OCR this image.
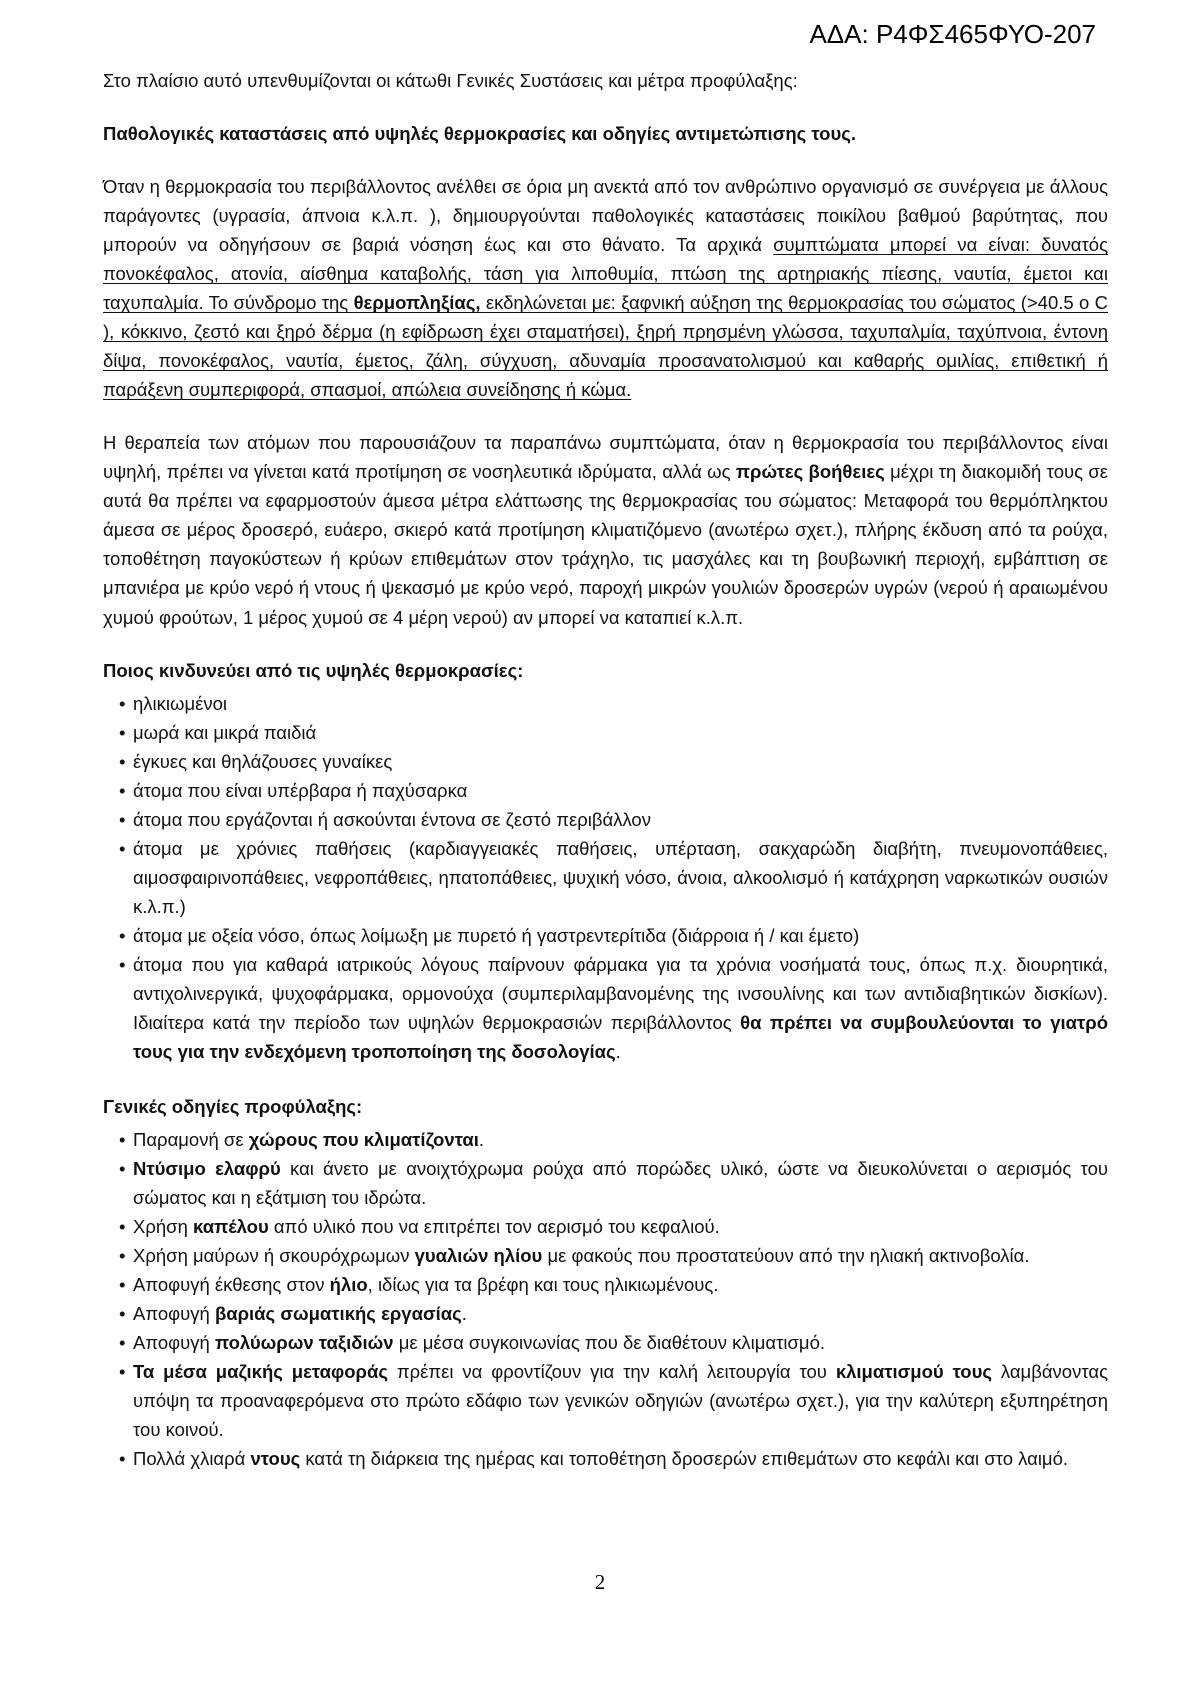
ΑΔΑ: Ρ4ΦΣ465ΦΥΟ-207

Στο πλαίσιο αυτό υπενθυμίζονται οι κάτωθι Γενικές Συστάσεις και μέτρα προφύλαξης:

Παθολογικές καταστάσεις από υψηλές θερμοκρασίες και οδηγίες αντιμετώπισης τους.

Όταν η θερμοκρασία του περιβάλλοντος ανέλθει σε όρια μη ανεκτά από τον ανθρώπινο οργανισμό σε συνέργεια με άλλους παράγοντες (υγρασία, άπνοια κ.λ.π. ), δημιουργούνται παθολογικές καταστάσεις ποικίλου βαθμού βαρύτητας, που μπορούν να οδηγήσουν σε βαριά νόσηση έως και στο θάνατο. Τα αρχικά συμπτώματα μπορεί να είναι: δυνατός πονοκέφαλος, ατονία, αίσθημα καταβολής, τάση για λιποθυμία, πτώση της αρτηριακής πίεσης, ναυτία, έμετοι και ταχυπαλμία. Το σύνδρομο της θερμοπληξίας, εκδηλώνεται με: ξαφνική αύξηση της θερμοκρασίας του σώματος (>40.5 ο C ), κόκκινο, ζεστό και ξηρό δέρμα (η εφίδρωση έχει σταματήσει), ξηρή πρησμένη γλώσσα, ταχυπαλμία, ταχύπνοια, έντονη δίψα, πονοκέφαλος, ναυτία, έμετος, ζάλη, σύγχυση, αδυναμία προσανατολισμού και καθαρής ομιλίας, επιθετική ή παράξενη συμπεριφορά, σπασμοί, απώλεια συνείδησης ή κώμα.

Η θεραπεία των ατόμων που παρουσιάζουν τα παραπάνω συμπτώματα, όταν η θερμοκρασία του περιβάλλοντος είναι υψηλή, πρέπει να γίνεται κατά προτίμηση σε νοσηλευτικά ιδρύματα, αλλά ως πρώτες βοήθειες μέχρι τη διακομιδή τους σε αυτά θα πρέπει να εφαρμοστούν άμεσα μέτρα ελάττωσης της θερμοκρασίας του σώματος: Μεταφορά του θερμόπληκτου άμεσα σε μέρος δροσερό, ευάερο, σκιερό κατά προτίμηση κλιματιζόμενο (ανωτέρω σχετ.), πλήρης έκδυση από τα ρούχα, τοποθέτηση παγοκύστεων ή κρύων επιθεμάτων στον τράχηλο, τις μασχάλες και τη βουβωνική περιοχή, εμβάπτιση σε μπανιέρα με κρύο νερό ή ντους ή ψεκασμό με κρύο νερό, παροχή μικρών γουλιών δροσερών υγρών (νερού ή αραιωμένου χυμού φρούτων, 1 μέρος χυμού σε 4 μέρη νερού) αν μπορεί να καταπιεί κ.λ.π.

Ποιος κινδυνεύει από τις υψηλές θερμοκρασίες:

• ηλικιωμένοι
• μωρά και μικρά παιδιά
• έγκυες και θηλάζουσες γυναίκες
• άτομα που είναι υπέρβαρα ή παχύσαρκα
• άτομα που εργάζονται ή ασκούνται έντονα σε ζεστό περιβάλλον
• άτομα με χρόνιες παθήσεις (καρδιαγγειακές παθήσεις, υπέρταση, σακχαρώδη διαβήτη, πνευμονοπάθειες, αιμοσφαιρινοπάθειες, νεφροπάθειες, ηπατοπάθειες, ψυχική νόσο, άνοια, αλκοολισμό ή κατάχρηση ναρκωτικών ουσιών κ.λ.π.)
• άτομα με οξεία νόσο, όπως λοίμωξη με πυρετό ή γαστρεντερίτιδα (διάρροια ή / και έμετο)
• άτομα που για καθαρά ιατρικούς λόγους παίρνουν φάρμακα για τα χρόνια νοσήματά τους, όπως π.χ. διουρητικά, αντιχολινεργικά, ψυχοφάρμακα, ορμονούχα (συμπεριλαμβανομένης της ινσουλίνης και των αντιδιαβητικών δισκίων). Ιδιαίτερα κατά την περίοδο των υψηλών θερμοκρασιών περιβάλλοντος θα πρέπει να συμβουλεύονται το γιατρό τους για την ενδεχόμενη τροποποίηση της δοσολογίας.

Γενικές οδηγίες προφύλαξης:

• Παραμονή σε χώρους που κλιματίζονται.
• Ντύσιμο ελαφρύ και άνετο με ανοιχτόχρωμα ρούχα από πορώδες υλικό, ώστε να διευκολύνεται ο αερισμός του σώματος και η εξάτμιση του ιδρώτα.
• Χρήση καπέλου από υλικό που να επιτρέπει τον αερισμό του κεφαλιού.
• Χρήση μαύρων ή σκουρόχρωμων γυαλιών ηλίου με φακούς που προστατεύουν από την ηλιακή ακτινοβολία.
• Αποφυγή έκθεσης στον ήλιο, ιδίως για τα βρέφη και τους ηλικιωμένους.
• Αποφυγή βαριάς σωματικής εργασίας.
• Αποφυγή πολύωρων ταξιδιών με μέσα συγκοινωνίας που δε διαθέτουν κλιματισμό.
• Τα μέσα μαζικής μεταφοράς πρέπει να φροντίζουν για την καλή λειτουργία του κλιματισμού τους λαμβάνοντας υπόψη τα προαναφερόμενα στο πρώτο εδάφιο των γενικών οδηγιών (ανωτέρω σχετ.), για την καλύτερη εξυπηρέτηση του κοινού.
• Πολλά χλιαρά ντους κατά τη διάρκεια της ημέρας και τοποθέτηση δροσερών επιθεμάτων στο κεφάλι και στο λαιμό.
2
